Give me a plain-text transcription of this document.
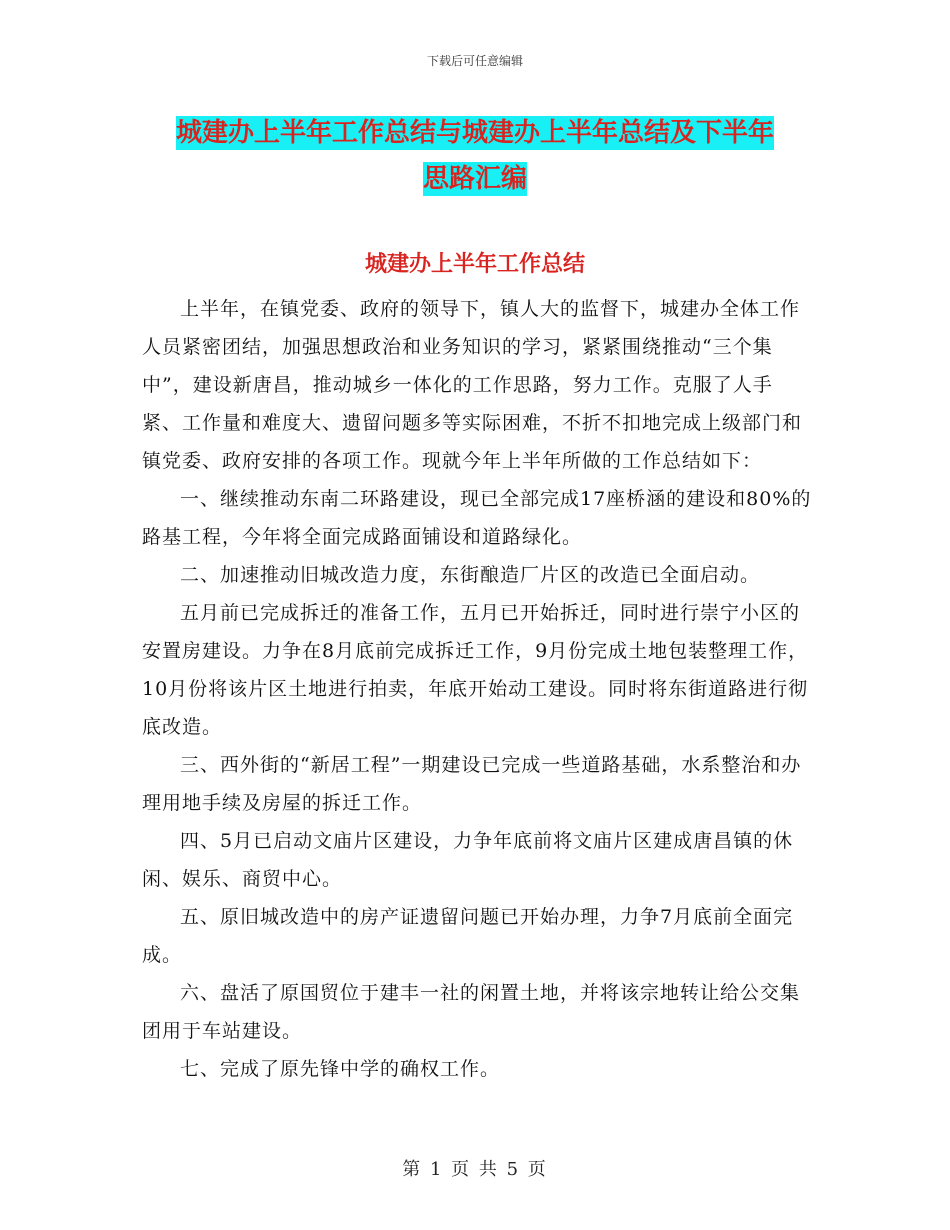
下载后可任意编辑
城建办上半年工作总结与城建办上半年总结及下半年
思路汇编
城建办上半年工作总结

上半年，在镇党委、政府的领导下，镇人大的监督下，城建办全体工作人员紧密团结，加强思想政治和业务知识的学习，紧紧围绕推动“三个集中”，建设新唐昌，推动城乡一体化的工作思路，努力工作。克服了人手紧、工作量和难度大、遗留问题多等实际困难，不折不扣地完成上级部门和镇党委、政府安排的各项工作。现就今年上半年所做的工作总结如下：

一、继续推动东南二环路建设，现已全部完成17座桥涵的建设和80%的路基工程，今年将全面完成路面铺设和道路绿化。

二、加速推动旧城改造力度，东街酿造厂片区的改造已全面启动。

五月前已完成拆迁的准备工作，五月已开始拆迁，同时进行崇宁小区的安置房建设。力争在8月底前完成拆迁工作，9月份完成土地包装整理工作，10月份将该片区土地进行拍卖，年底开始动工建设。同时将东街道路进行彻底改造。

三、西外街的“新居工程”一期建设已完成一些道路基础，水系整治和办理用地手续及房屋的拆迁工作。

四、5月已启动文庙片区建设，力争年底前将文庙片区建成唐昌镇的休闲、娱乐、商贸中心。

五、原旧城改造中的房产证遗留问题已开始办理，力争7月底前全面完成。

六、盘活了原国贸位于建丰一社的闲置土地，并将该宗地转让给公交集团用于车站建设。

七、完成了原先锋中学的确权工作。

第 1 页 共 5 页
